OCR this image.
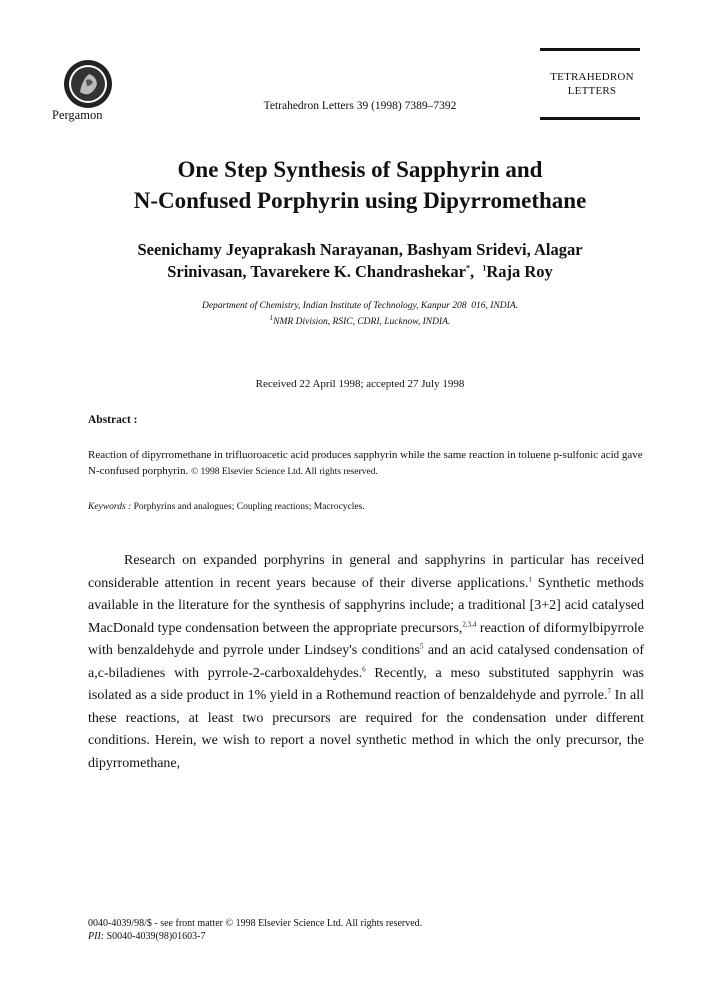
Pergamon
Tetrahedron Letters 39 (1998) 7389–7392
TETRAHEDRON
LETTERS
One Step Synthesis of Sapphyrin and
N-Confused Porphyrin using Dipyrromethane
Seenichamy Jeyaprakash Narayanan, Bashyam Sridevi, Alagar
Srinivasan, Tavarekere K. Chandrashekar*,  $^1$Raja Roy
Department of Chemistry, Indian Institute of Technology, Kanpur 208  016, INDIA.
$^1$NMR Division, RSIC, CDRI, Lucknow, INDIA.
Received 22 April 1998; accepted 27 July 1998
Abstract :
Reaction of dipyrromethane in trifluoroacetic acid produces sapphyrin while the same reaction in toluene p-sulfonic acid gave N-confused porphyrin. © 1998 Elsevier Science Ltd. All rights reserved.
Keywords : Porphyrins and analogues; Coupling reactions; Macrocycles.

Research on expanded porphyrins in general and sapphyrins in particular has received considerable attention in recent years because of their diverse applications.$^1$ Synthetic methods available in the literature for the synthesis of sapphyrins include; a traditional [3+2] acid catalysed MacDonald type condensation between the appropriate precursors,$^{2,3,4}$ reaction of diformylbipyrrole with benzaldehyde and pyrrole under Lindsey's conditions$^5$ and an acid catalysed condensation of a,c-biladienes with pyrrole-2-carboxaldehydes.$^6$ Recently, a meso substituted sapphyrin was isolated as a side product in 1% yield in a Rothemund reaction of benzaldehyde and pyrrole.$^7$ In all these reactions, at least two precursors are required for the condensation under different conditions. Herein, we wish to report a novel synthetic method in which the only precursor, the dipyrromethane,

0040-4039/98/$ - see front matter © 1998 Elsevier Science Ltd. All rights reserved.
PII: S0040-4039(98)01603-7
